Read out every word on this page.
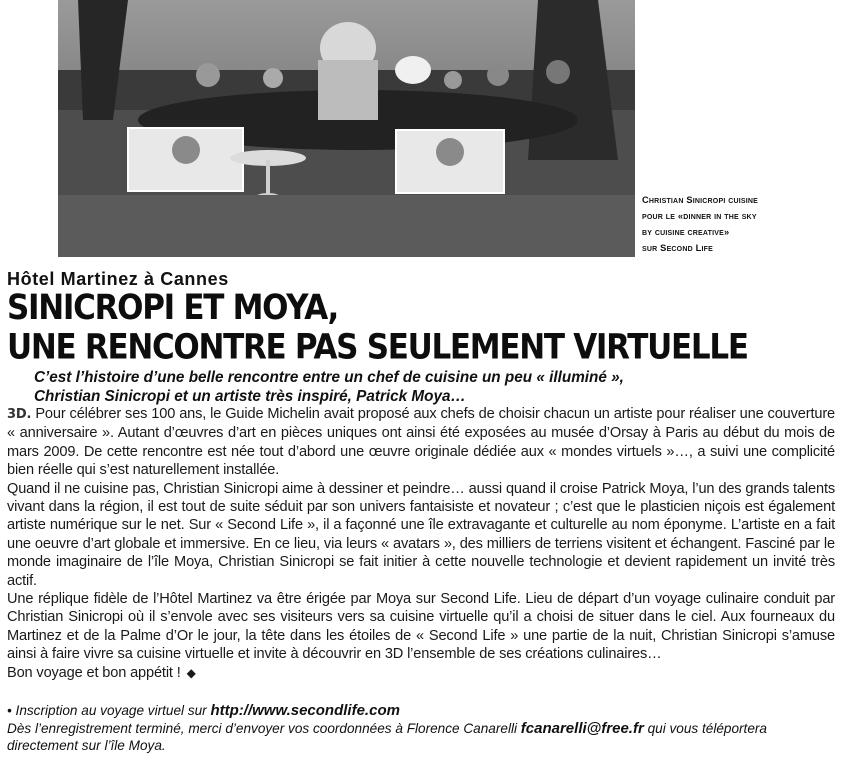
Christian Sinicropi cuisine
pour le «dinner in the sky
by cuisine creative»
sur Second Life
Hôtel Martinez à Cannes
SINICROPI ET MOYA,
UNE RENCONTRE PAS SEULEMENT VIRTUELLE
C’est l’histoire d’une belle rencontre entre un chef de cuisine un peu « illuminé »,
Christian Sinicropi et un artiste très inspiré, Patrick Moya…

3D. Pour célébrer ses 100 ans, le Guide Michelin avait proposé aux chefs de choisir chacun un artiste pour réaliser une couverture « anniversaire ». Autant d’œuvres d’art en pièces uniques ont ainsi été exposées au musée d’Orsay à Paris au début du mois de mars 2009. De cette rencontre est née tout d’abord une œuvre originale dédiée aux « mondes virtuels »…, a suivi une complicité bien réelle qui s’est naturellement installée.

Quand il ne cuisine pas, Christian Sinicropi aime à dessiner et peindre… aussi quand il croise Patrick Moya, l’un des grands talents vivant dans la région, il est tout de suite séduit par son univers fantaisiste et novateur ; c’est que le plasticien niçois est également artiste numérique sur le net. Sur « Second Life », il a façonné une île extravagante et culturelle au nom éponyme. L’artiste en a fait une oeuvre d’art globale et immersive. En ce lieu, via leurs « avatars », des milliers de terriens visitent et échangent. Fasciné par le monde imaginaire de l’île Moya, Christian Sinicropi se fait initier à cette nouvelle technologie et devient rapidement un invité très actif.

Une réplique fidèle de l’Hôtel Martinez va être érigée par Moya sur Second Life. Lieu de départ d’un voyage culinaire conduit par Christian Sinicropi où il s’envole avec ses visiteurs vers sa cuisine virtuelle qu’il a choisi de situer dans le ciel. Aux fourneaux du Martinez et de la Palme d’Or le jour, la tête dans les étoiles de « Second Life » une partie de la nuit, Christian Sinicropi s’amuse ainsi à faire vivre sa cuisine virtuelle et invite à découvrir en 3D l’ensemble de ses créations culinaires…

Bon voyage et bon appétit ! ◆

• Inscription au voyage virtuel sur http://www.secondlife.com
Dès l’enregistrement terminé, merci d’envoyer vos coordonnées à Florence Canarelli fcanarelli@free.fr qui vous téléportera
directement sur l’île Moya.
